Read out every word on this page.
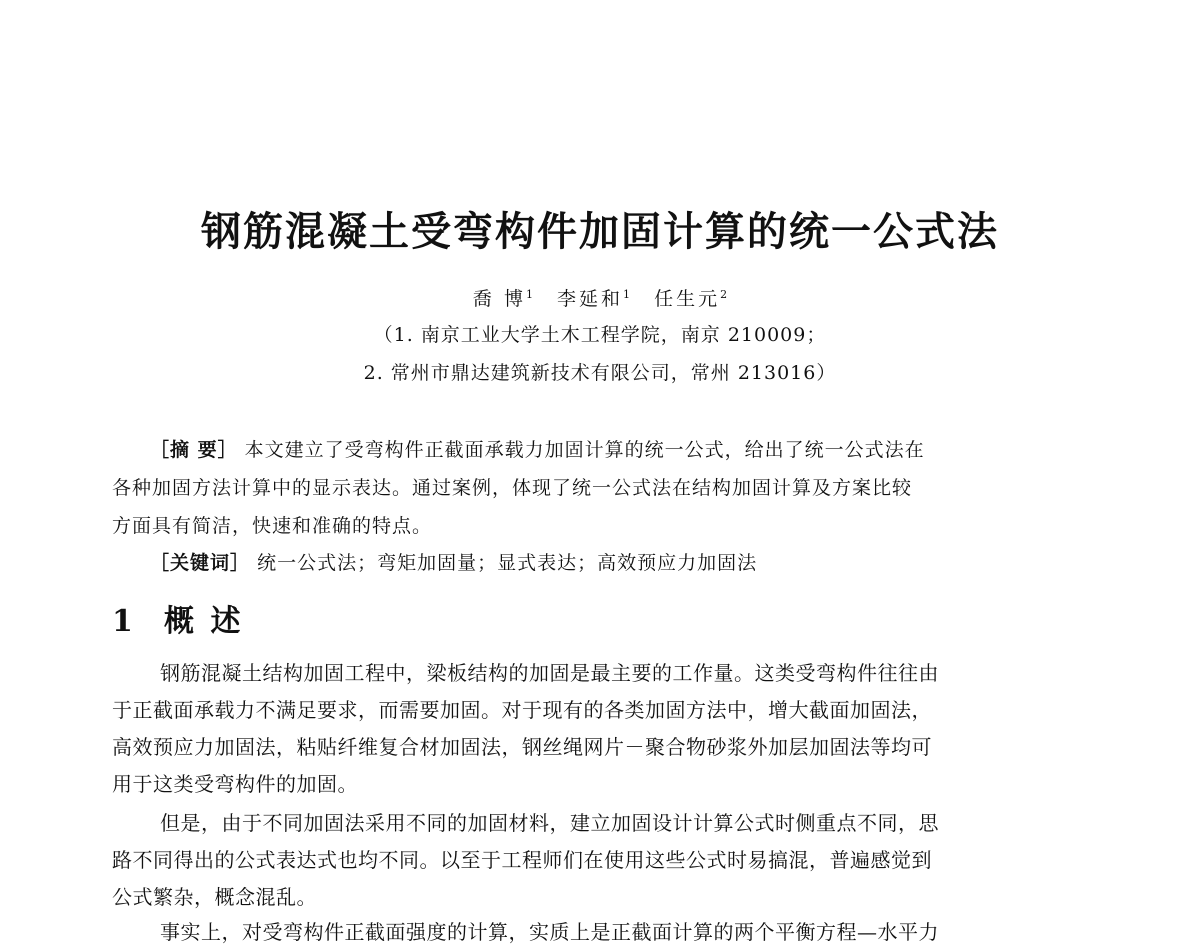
钢筋混凝土受弯构件加固计算的统一公式法
喬 博$^1$ 李延和$^1$ 任生元$^2$
（1. 南京工业大学土木工程学院，南京 210009；
2. 常州市鼎达建筑新技术有限公司，常州 213016）
［摘 要］ 本文建立了受弯构件正截面承载力加固计算的统一公式，给出了统一公式法在
各种加固方法计算中的显示表达。通过案例，体现了统一公式法在结构加固计算及方案比较
方面具有简洁，快速和准确的特点。
［关键词］ 统一公式法；弯矩加固量；显式表达；高效预应力加固法
1 概 述
钢筋混凝土结构加固工程中，梁板结构的加固是最主要的工作量。这类受弯构件往往由
于正截面承载力不满足要求，而需要加固。对于现有的各类加固方法中，增大截面加固法，
高效预应力加固法，粘贴纤维复合材加固法，钢丝绳网片－聚合物砂浆外加层加固法等均可
用于这类受弯构件的加固。
但是，由于不同加固法采用不同的加固材料，建立加固设计计算公式时侧重点不同，思
路不同得出的公式表达式也均不同。以至于工程师们在使用这些公式时易搞混，普遍感觉到
公式繁杂，概念混乱。
事实上，对受弯构件正截面强度的计算，实质上是正截面计算的两个平衡方程—水平力
